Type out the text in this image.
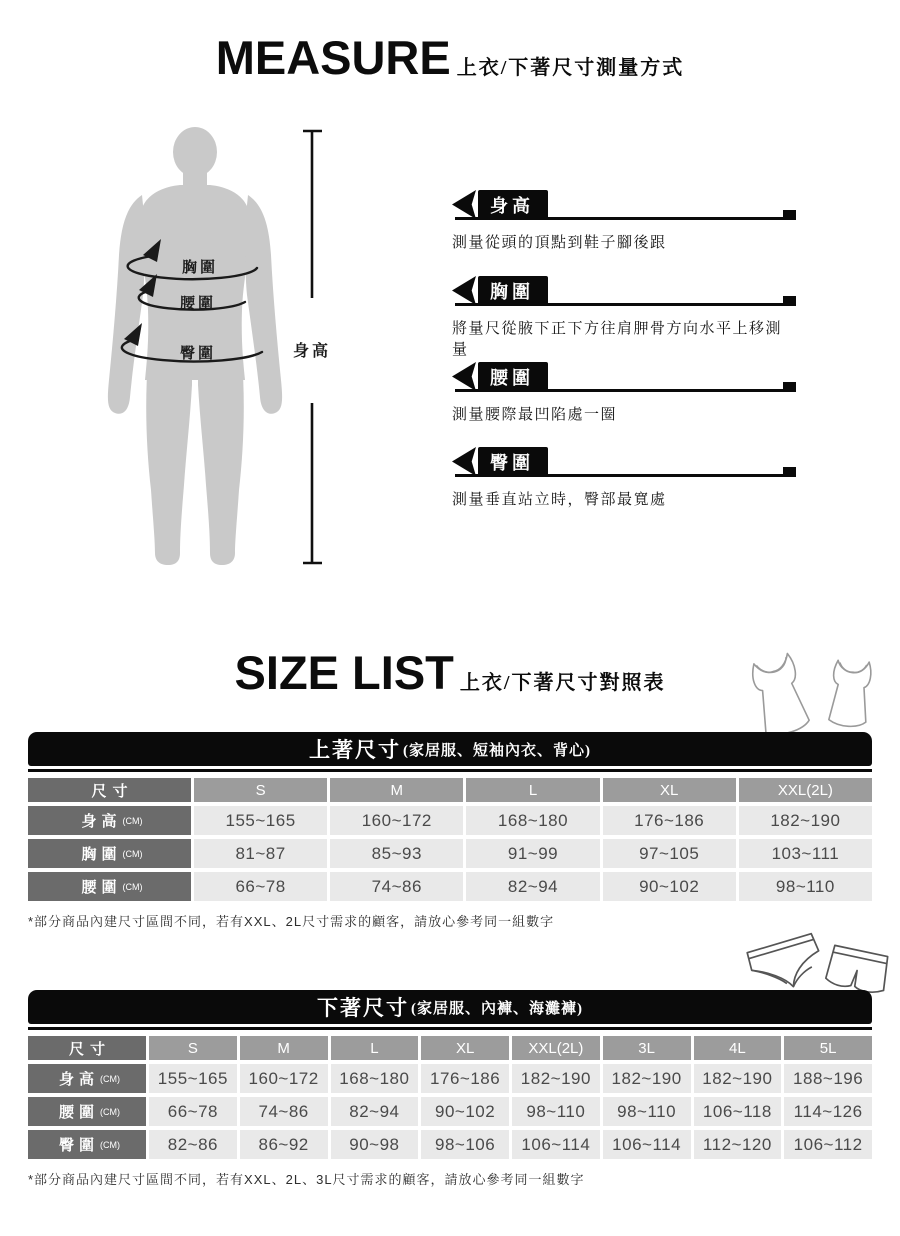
MEASURE 上衣/下著尺寸測量方式
胸圍
腰圍
臀圍	身高
身高
測量從頭的頂點到鞋子腳後跟
胸圍
將量尺從腋下正下方往肩胛骨方向水平上移測量
腰圍
測量腰際最凹陷處一圈
臀圍
測量垂直站立時，臀部最寬處
SIZE LIST 上衣/下著尺寸對照表
上著尺寸 (家居服、短袖內衣、背心)
尺寸	S	M	L	XL	XXL(2L)
身高 (CM)	155~165	160~172	168~180	176~186	182~190
胸圍 (CM)	81~87	85~93	91~99	97~105	103~111
腰圍 (CM)	66~78	74~86	82~94	90~102	98~110
*部分商品內建尺寸區間不同，若有XXL、2L尺寸需求的顧客，請放心參考同一組數字
下著尺寸 (家居服、內褲、海灘褲)
尺寸	S	M	L	XL	XXL(2L)	3L	4L	5L
身高 (CM)	155~165	160~172	168~180	176~186	182~190	182~190	182~190	188~196
腰圍 (CM)	66~78	74~86	82~94	90~102	98~110	98~110	106~118	114~126
臀圍 (CM)	82~86	86~92	90~98	98~106	106~114	106~114	112~120	106~112
*部分商品內建尺寸區間不同，若有XXL、2L、3L尺寸需求的顧客，請放心參考同一組數字
